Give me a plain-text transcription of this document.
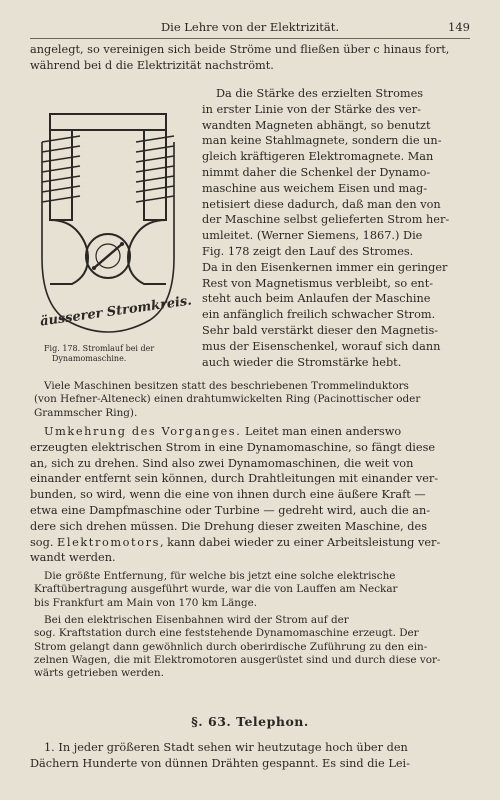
Die Lehre von der Elektrizität.	149
angelegt, so vereinigen sich beide Ströme und fließen über c hinaus fort,
während bei d die Elektrizität nachströmt.
äusserer Stromkreis.
Fig. 178. Stromlauf bei der
Dynamomaschine.
Da die Stärke des erzielten Stromes
in erster Linie von der Stärke des ver-
wandten Magneten abhängt, so benutzt
man keine Stahlmagnete, sondern die un-
gleich kräftigeren Elektromagnete. Man
nimmt daher die Schenkel der Dynamo-
maschine aus weichem Eisen und mag-
netisiert diese dadurch, daß man den von
der Maschine selbst gelieferten Strom her-
umleitet. (Werner Siemens, 1867.) Die
Fig. 178 zeigt den Lauf des Stromes.
Da in den Eisenkernen immer ein geringer
Rest von Magnetismus verbleibt, so ent-
steht auch beim Anlaufen der Maschine
ein anfänglich freilich schwacher Strom.
Sehr bald verstärkt dieser den Magnetis-
mus der Eisenschenkel, worauf sich dann
auch wieder die Stromstärke hebt.
Viele Maschinen besitzen statt des beschriebenen Trommelinduktors
(von Hefner-Alteneck) einen drahtumwickelten Ring (Pacinottischer oder
Grammscher Ring).
Umkehrung des Vorganges. Leitet man einen anderswo
erzeugten elektrischen Strom in eine Dynamomaschine, so fängt diese
an, sich zu drehen. Sind also zwei Dynamomaschinen, die weit von
einander entfernt sein können, durch Drahtleitungen mit einander ver-
bunden, so wird, wenn die eine von ihnen durch eine äußere Kraft —
etwa eine Dampfmaschine oder Turbine — gedreht wird, auch die an-
dere sich drehen müssen. Die Drehung dieser zweiten Maschine, des
sog. Elektromotors, kann dabei wieder zu einer Arbeitsleistung ver-
wandt werden.
Die größte Entfernung, für welche bis jetzt eine solche elektrische
Kraftübertragung ausgeführt wurde, war die von Lauffen am Neckar
bis Frankfurt am Main von 170 km Länge.
Bei den elektrischen Eisenbahnen wird der Strom auf der
sog. Kraftstation durch eine feststehende Dynamomaschine erzeugt. Der
Strom gelangt dann gewöhnlich durch oberirdische Zuführung zu den ein-
zelnen Wagen, die mit Elektromotoren ausgerüstet sind und durch diese vor-
wärts getrieben werden.
§. 63. Telephon.
1. In jeder größeren Stadt sehen wir heutzutage hoch über den
Dächern Hunderte von dünnen Drähten gespannt. Es sind die Lei-
